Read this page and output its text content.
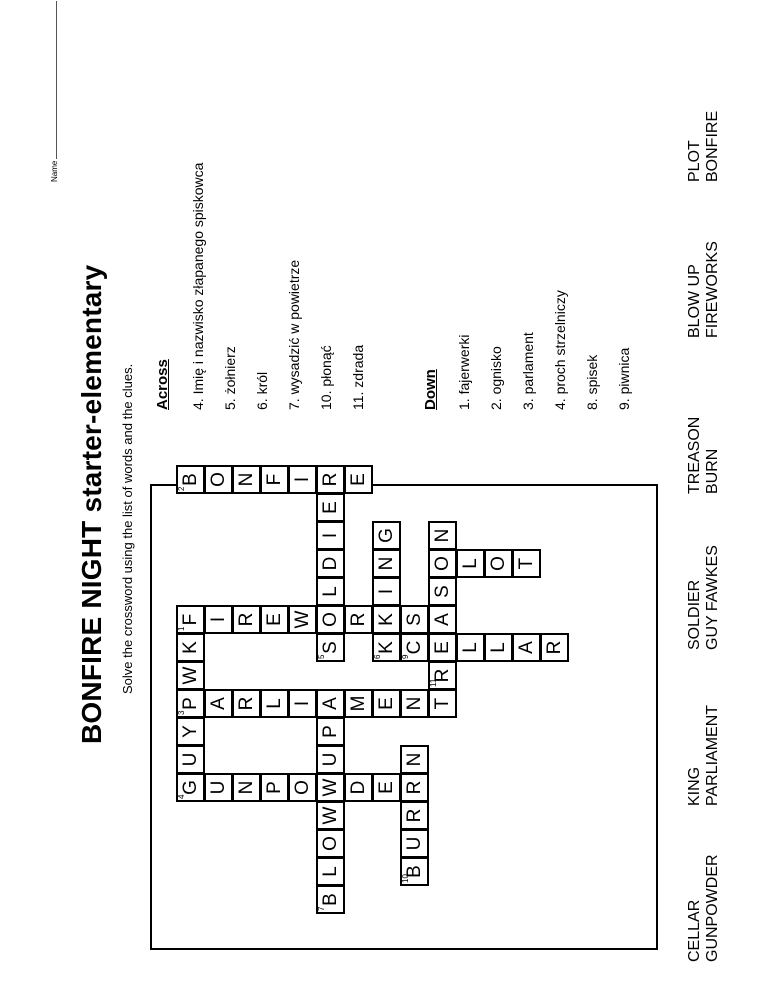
Name
BONFIRE NIGHT starter-elementary Solve the crossword using the list of words and the clues. Across	Down
B
2
O N F I R E
E
I
D
L
O
S
5
F
1
I R E W R K S
K
6
I
N
G
P
3
A R L I A M E N T
G
4
U
Y
W
K
U N P O W D E R
B
7
L
O
W
U
P
B
10
U
R
N
R
11
E
A
S
O
N
C
9
L L A R
L O T
4. Imię i nazwisko złapanego spiskowca 5. żołnierz 6. król 7. wysadzić w powietrze 10. płonąć 11. zdrada	1. fajerwerki 2. ognisko 3. parlament 4. proch strzelniczy 8. spisek 9. piwnica
CELLAR GUNPOWDER
KING PARLIAMENT
SOLDIER GUY FAWKES
TREASON BURN
BLOW UP FIREWORKS
PLOT BONFIRE
